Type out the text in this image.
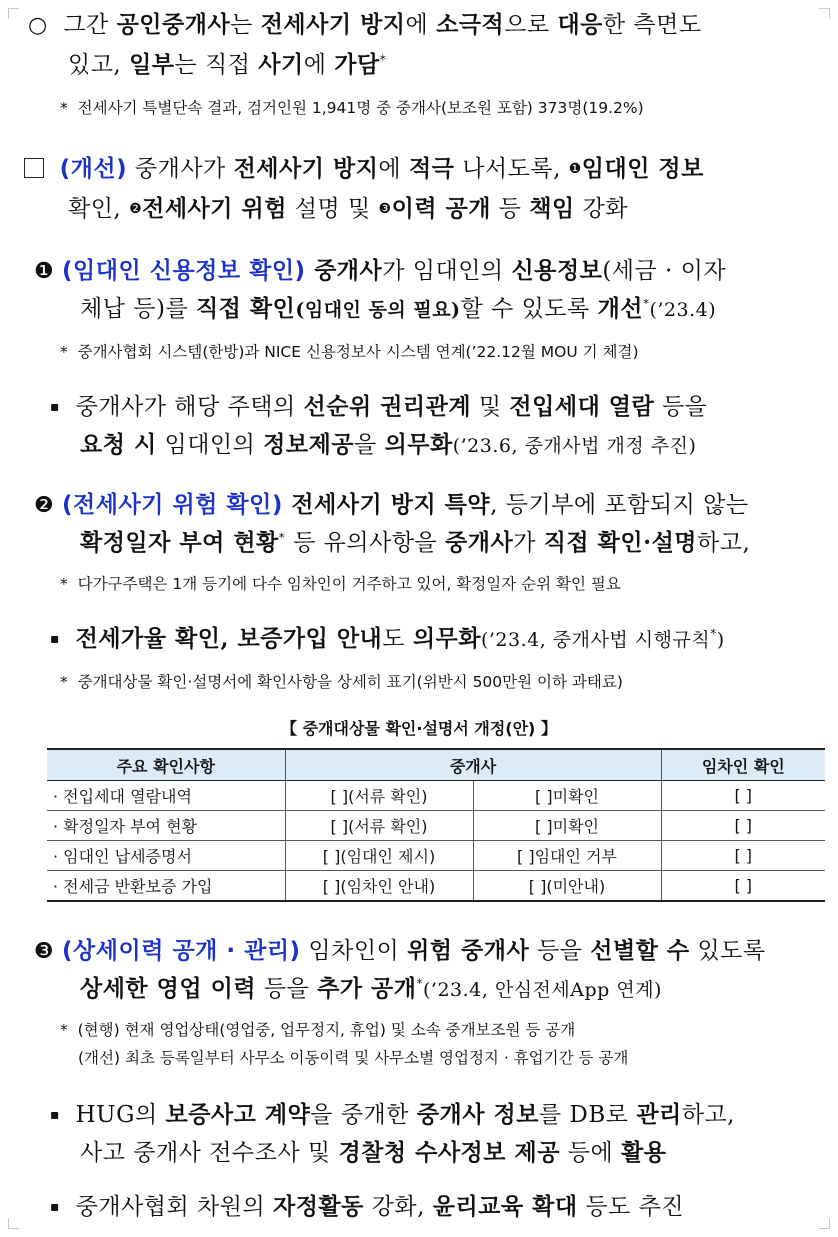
○ 그간 공인중개사는 전세사기 방지에 소극적으로 대응한 측면도
있고, 일부는 직접 사기에 가담*
* 전세사기 특별단속 결과, 검거인원 1,941명 중 중개사(보조원 포함) 373명(19.2%)
(개선) 중개사가 전세사기 방지에 적극 나서도록, ❶임대인 정보
확인, ❷전세사기 위험 설명 및 ❸이력 공개 등 책임 강화
❶ (임대인 신용정보 확인) 중개사가 임대인의 신용정보(세금 · 이자
체납 등)를 직접 확인(임대인 동의 필요)할 수 있도록 개선*(’23.4)
* 중개사협회 시스템(한방)과 NICE 신용정보사 시스템 연계(’22.12월 MOU 기 체결)
▪ 중개사가 해당 주택의 선순위 권리관계 및 전입세대 열람 등을
요청 시 임대인의 정보제공을 의무화(’23.6, 중개사법 개정 추진)
❷ (전세사기 위험 확인) 전세사기 방지 특약, 등기부에 포함되지 않는
확정일자 부여 현황* 등 유의사항을 중개사가 직접 확인·설명하고,
* 다가구주택은 1개 등기에 다수 임차인이 거주하고 있어, 확정일자 순위 확인 필요
▪ 전세가율 확인, 보증가입 안내도 의무화(’23.4, 중개사법 시행규칙*)
* 중개대상물 확인·설명서에 확인사항을 상세히 표기(위반시 500만원 이하 과태료)
【 중개대상물 확인·설명서 개정(안) 】
주요 확인사항	중개사		임차인 확인
· 전입세대 열람내역	[ ](서류 확인)	[ ]미확인	[ ]
· 확정일자 부여 현황	[ ](서류 확인)	[ ]미확인	[ ]
· 임대인 납세증명서	[ ](임대인 제시)	[ ]임대인 거부	[ ]
· 전세금 반환보증 가입	[ ](임차인 안내)	[ ](미안내)	[ ]
❸ (상세이력 공개 · 관리) 임차인이 위험 중개사 등을 선별할 수 있도록
상세한 영업 이력 등을 추가 공개*(’23.4, 안심전세App 연계)
* (현행) 현재 영업상태(영업중, 업무정지, 휴업) 및 소속 중개보조원 등 공개
(개선) 최초 등록일부터 사무소 이동이력 및 사무소별 영업정지 · 휴업기간 등 공개
▪ HUG의 보증사고 계약을 중개한 중개사 정보를 DB로 관리하고,
사고 중개사 전수조사 및 경찰청 수사정보 제공 등에 활용
▪ 중개사협회 차원의 자정활동 강화, 윤리교육 확대 등도 추진
